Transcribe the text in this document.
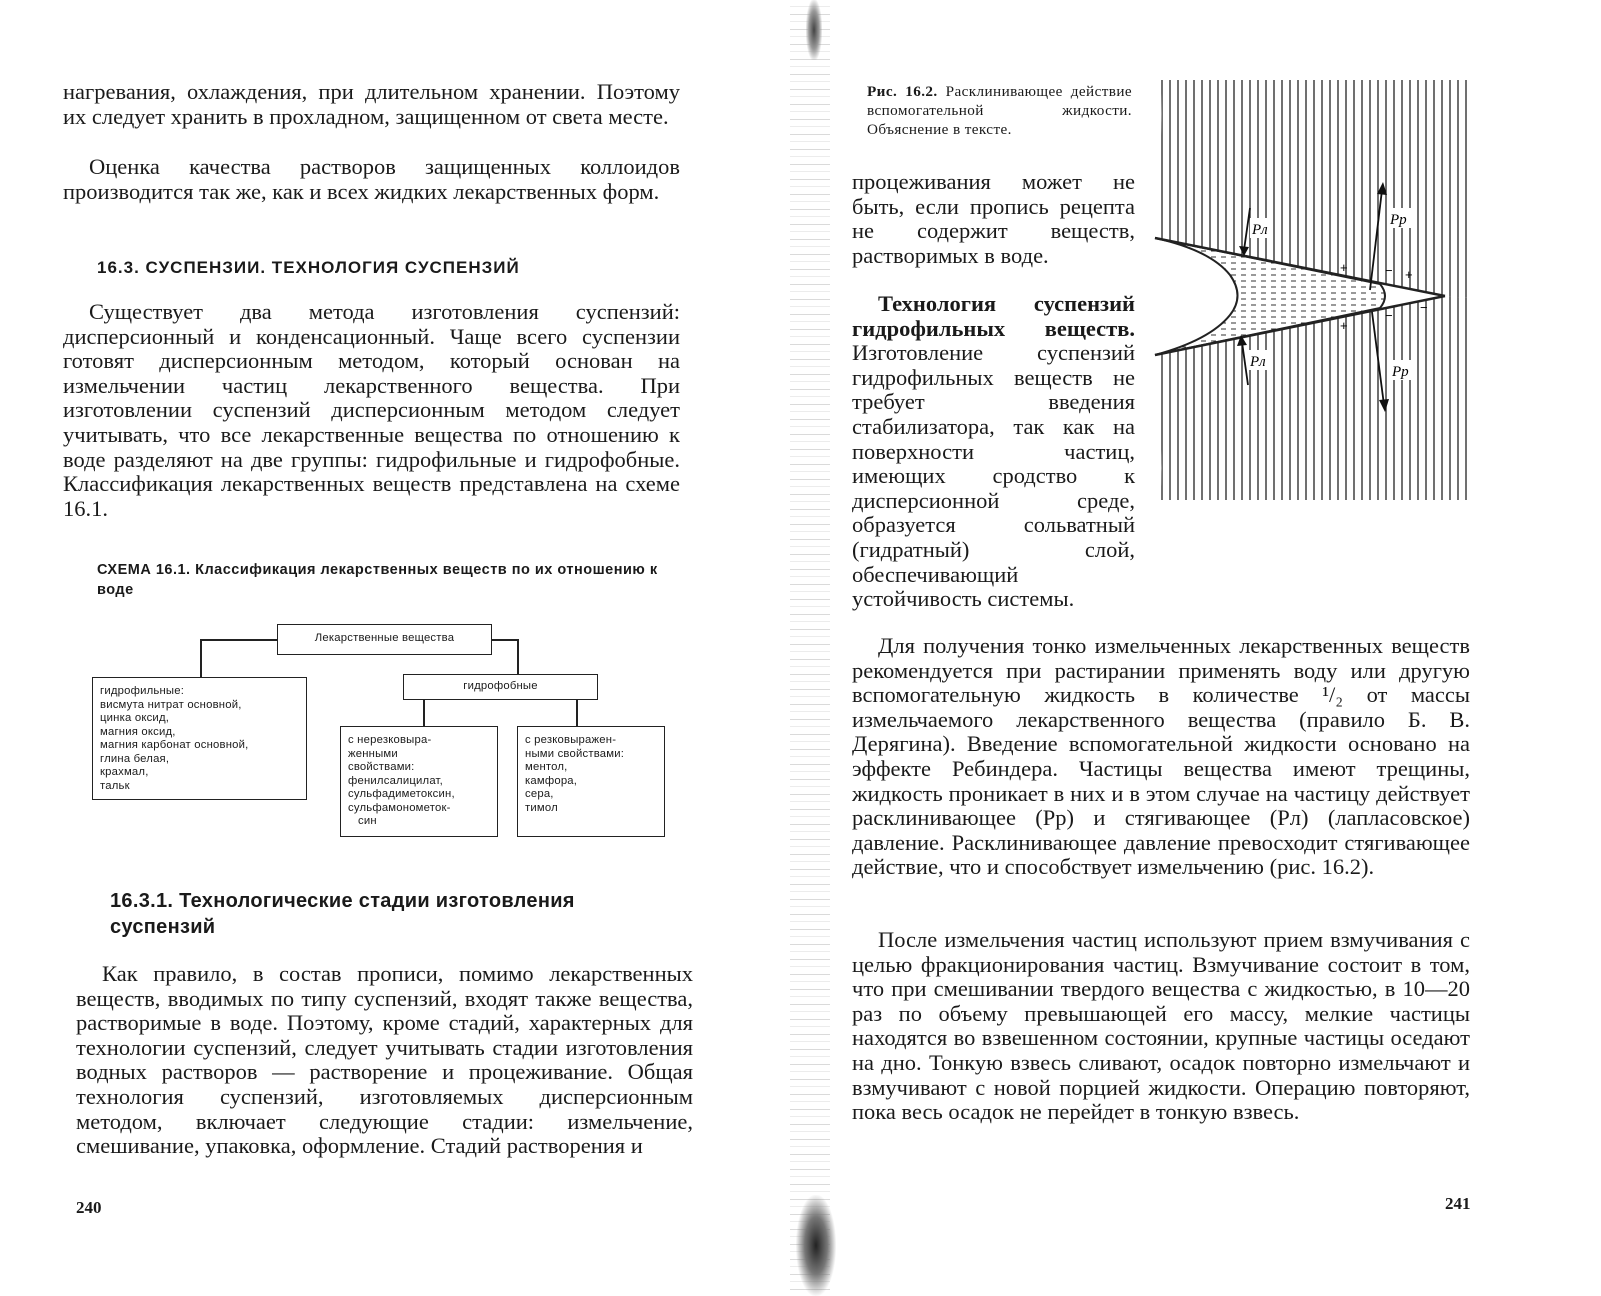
нагревания, охлаждения, при длительном хранении. Поэтому их следует хранить в прохладном, защищенном от света месте.

Оценка качества растворов защищенных коллоидов производится так же, как и всех жидких лекарственных форм.

16.3. СУСПЕНЗИИ. ТЕХНОЛОГИЯ СУСПЕНЗИЙ

Существует два метода изготовления суспензий: дисперсионный и конденсационный. Чаще всего суспензии готовят дисперсионным методом, который основан на измельчении частиц лекарственного вещества. При изготовлении суспензий дисперсионным методом следует учитывать, что все лекарственные вещества по отношению к воде разделяют на две группы: гидрофильные и гидрофобные. Классификация лекарственных веществ представлена на схеме 16.1.

СХЕМА 16.1. Классификация лекарственных веществ по их отношению к воде

Лекарственные вещества
гидрофильные:
висмута нитрат основной,
цинка оксид,
магния оксид,
магния карбонат основной,
глина белая,
крахмал,
тальк
гидрофобные
с нерезковыра-
женными
свойствами:
фенилсалицилат,
сульфадиметоксин,
сульфамонометок-
син
с резковыражен-
ными свойствами:
ментол,
камфора,
сера,
тимол
16.3.1. Технологические стадии изготовления суспензий

Как правило, в состав прописи, помимо лекарственных веществ, вводимых по типу суспензий, входят также вещества, растворимые в воде. Поэтому, кроме стадий, характерных для технологии суспензий, следует учитывать стадии изготовления водных растворов — растворение и процеживание. Общая технология суспензий, изготовляемых дисперсионным методом, включает следующие стадии: измельчение, смешивание, упаковка, оформление. Стадий растворения и

240

Рис. 16.2. Расклинивающее действие вспомогательной жидкости. Объяснение в тексте.

+	− +
+
−
−
Pл
Pр
Pл
Pр

процеживания может не быть, если пропись рецепта не содержит веществ, растворимых в воде.

Технология суспензий гидрофильных веществ. Изготовление суспензий гидрофильных веществ не требует введения стабилизатора, так как на поверхности частиц, имеющих сродство к дисперсионной среде, образуется сольватный (гидратный) слой, обеспечивающий устойчивость системы.

Для получения тонко измельченных лекарственных веществ рекомендуется при растирании применять воду или другую вспомогательную жидкость в количестве ¹/₂ от массы измельчаемого лекарственного вещества (правило Б. В. Дерягина). Введение вспомогательной жидкости основано на эффекте Ребиндера. Частицы вещества имеют трещины, жидкость проникает в них и в этом случае на частицу действует расклинивающее (Pр) и стягивающее (Pл) (лапласовское) давление. Расклинивающее давление превосходит стягивающее действие, что и способствует измельчению (рис. 16.2).

После измельчения частиц используют прием взмучивания с целью фракционирования частиц. Взмучивание состоит в том, что при смешивании твердого вещества с жидкостью, в 10—20 раз по объему превышающей его массу, мелкие частицы находятся во взвешенном состоянии, крупные частицы оседают на дно. Тонкую взвесь сливают, осадок повторно измельчают и взмучивают с новой порцией жидкости. Операцию повторяют, пока весь осадок не перейдет в тонкую взвесь.

241
